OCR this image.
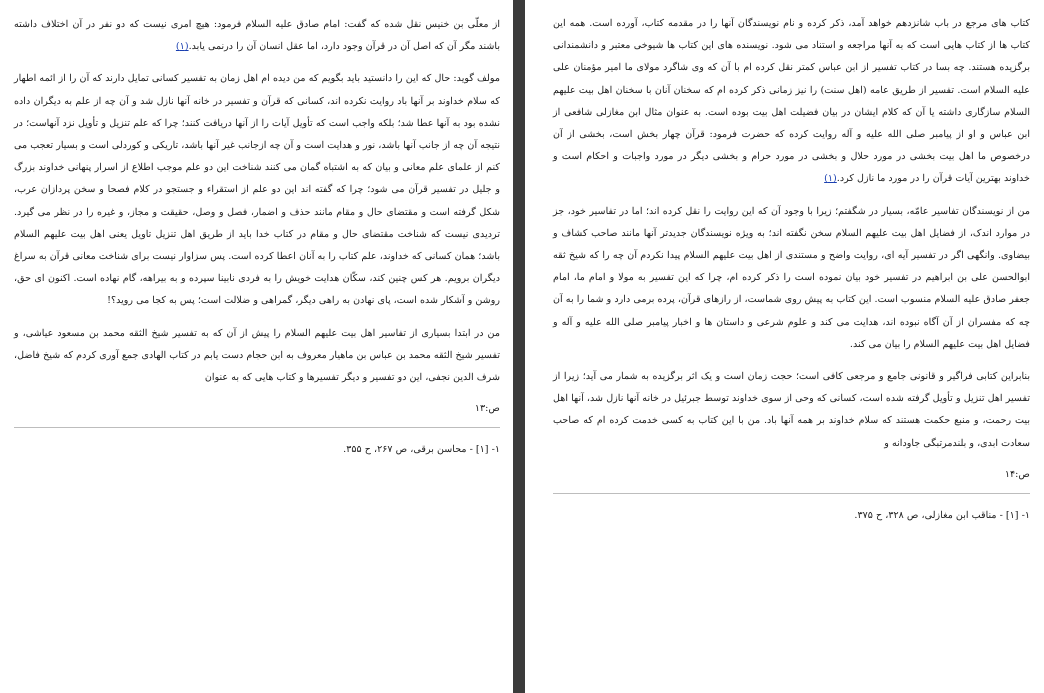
از معلّی بن خنیس نقل شده که گفت: امام صادق علیه السلام فرمود: هیچ امری نیست که دو نفر در آن اختلاف داشته باشند مگر آن که اصل آن در قرآن وجود دارد، اما عقل انسان آن را درنمی یابد.(۱)

مولف گوید: حال که این را دانستید باید بگویم که من دیده ام اهل زمان به تفسیر کسانی تمایل دارند که آن را از ائمه اطهار که سلام خداوند بر آنها باد روایت نکرده اند، کسانی که قرآن و تفسیر در خانه آنها نازل شد و آن چه از علم به دیگران داده نشده بود به آنها عطا شد؛ بلکه واجب است که تأویل آیات را از آنها دریافت کنند؛ چرا که علم تنزیل و تأویل نزد آنهاست؛ در نتیجه آن چه از جانب آنها باشد، نور و هدایت است و آن چه ازجانب غیر آنها باشد، تاریکی و کوردلی است و بسیار تعجب می کنم از علمای علم معانی و بیان که به اشتباه گمان می کنند شناخت این دو علم موجب اطلاع از اسرار پنهانی خداوند بزرگ و جلیل در تفسیر قرآن می شود؛ چرا که گفته اند این دو علم از استقراء و جستجو در کلام فصحا و سخن پردازان عرب، شکل گرفته است و مقتضای حال و مقام مانند حذف و اضمار، فصل و وصل، حقیقت و مجاز، و غیره را در نظر می گیرد. تردیدی نیست که شناخت مقتضای حال و مقام در کتاب خدا باید از طریق اهل تنزیل تاویل یعنی اهل بیت علیهم السلام باشد؛ همان کسانی که خداوند، علم کتاب را به آنان اعطا کرده است. پس سزاوار نیست برای شناخت معانی قرآن به سراغ دیگران برویم. هر کس چنین کند، سکّان هدایت خویش را به فردی نابینا سپرده و به بیراهه، گام نهاده است. اکنون ای حق، روشن و آشکار شده است، پای نهادن به راهی دیگر، گمراهی و ضلالت است؛ پس به کجا می روید؟!

من در ابتدا بسیاری از تفاسیر اهل بیت علیهم السلام را پیش از آن که به تفسیر شیخ الثقه محمد بن مسعود عیاشی، و تفسیر شیخ الثقه محمد بن عباس بن ماهیار معروف به ابن حجام دست یابم در کتاب الهادی جمع آوری کردم که شیخ فاضل، شرف الدین نجفی، این دو تفسیر و دیگر تفسیرها و کتاب هایی که به عنوان

ص:۱۳

۱- [۱] - محاسن برقی، ص ۲۶۷، ح ۳۵۵.

کتاب های مرجع در باب شانزدهم خواهد آمد، ذکر کرده و نام نویسندگان آنها را در مقدمه کتاب، آورده است. همه این کتاب ها از کتاب هایی است که به آنها مراجعه و استناد می شود. نویسنده های این کتاب ها شیوخی معتبر و دانشمندانی برگزیده هستند. چه بسا در کتاب تفسیر از ابن عباس کمتر نقل کرده ام با آن که وی شاگرد مولای ما امیر مؤمنان علی علیه السلام است. تفسیر از طریق عامه (اهل سنت) را نیز زمانی ذکر کرده ام که سخنان آنان با سخنان اهل بیت علیهم السلام سازگاری داشته یا آن که کلام ایشان در بیان فضیلت اهل بیت بوده است. به عنوان مثال ابن مغازلی شافعی از ابن عباس و او از پیامبر صلی الله علیه و آله روایت کرده که حضرت فرمود: قرآن چهار بخش است، بخشی از آن درخصوص ما اهل بیت بخشی در مورد حلال و بخشی در مورد حرام و بخشی دیگر در مورد واجبات و احکام است و خداوند بهترین آیات قرآن را در مورد ما نازل کرد.(۱)

من از نویسندگان تفاسیر عامّه، بسیار در شگفتم؛ زیرا با وجود آن که این روایت را نقل کرده اند؛ اما در تفاسیر خود، جز در موارد اندک، از فضایل اهل بیت علیهم السلام سخن نگفته اند؛ به ویژه نویسندگان جدیدتر آنها مانند صاحب کشاف و بیضاوی. وانگهی اگر در تفسیر آیه ای، روایت واضح و مستندی از اهل بیت علیهم السلام پیدا نکردم آن چه را که شیخ ثقه ابوالحسن علی بن ابراهیم در تفسیر خود بیان نموده است را ذکر کرده ام، چرا که این تفسیر به مولا و امام ما، امام جعفر صادق علیه السلام منسوب است. این کتاب به پیش روی شماست، از رازهای قرآن، پرده برمی دارد و شما را به آن چه که مفسران از آن آگاه نبوده اند، هدایت می کند و علوم شرعی و داستان ها و اخبار پیامبر صلی الله علیه و آله و فضایل اهل بیت علیهم السلام را بیان می کند.

بنابراین کتابی فراگیر و قانونی جامع و مرجعی کافی است؛ حجت زمان است و یک اثر برگزیده به شمار می آید؛ زیرا از تفسیر اهل تنزیل و تأویل گرفته شده است، کسانی که وحی از سوی خداوند توسط جبرئیل در خانه آنها نازل شد، آنها اهل بیت رحمت، و منبع حکمت هستند که سلام خداوند بر همه آنها باد. من با این کتاب به کسی خدمت کرده ام که صاحب سعادت ابدی، و بلندمرتبگی جاودانه و

ص:۱۴

۱- [۱] - مناقب ابن مغازلی، ص ۳۲۸، ح ۳۷۵.
